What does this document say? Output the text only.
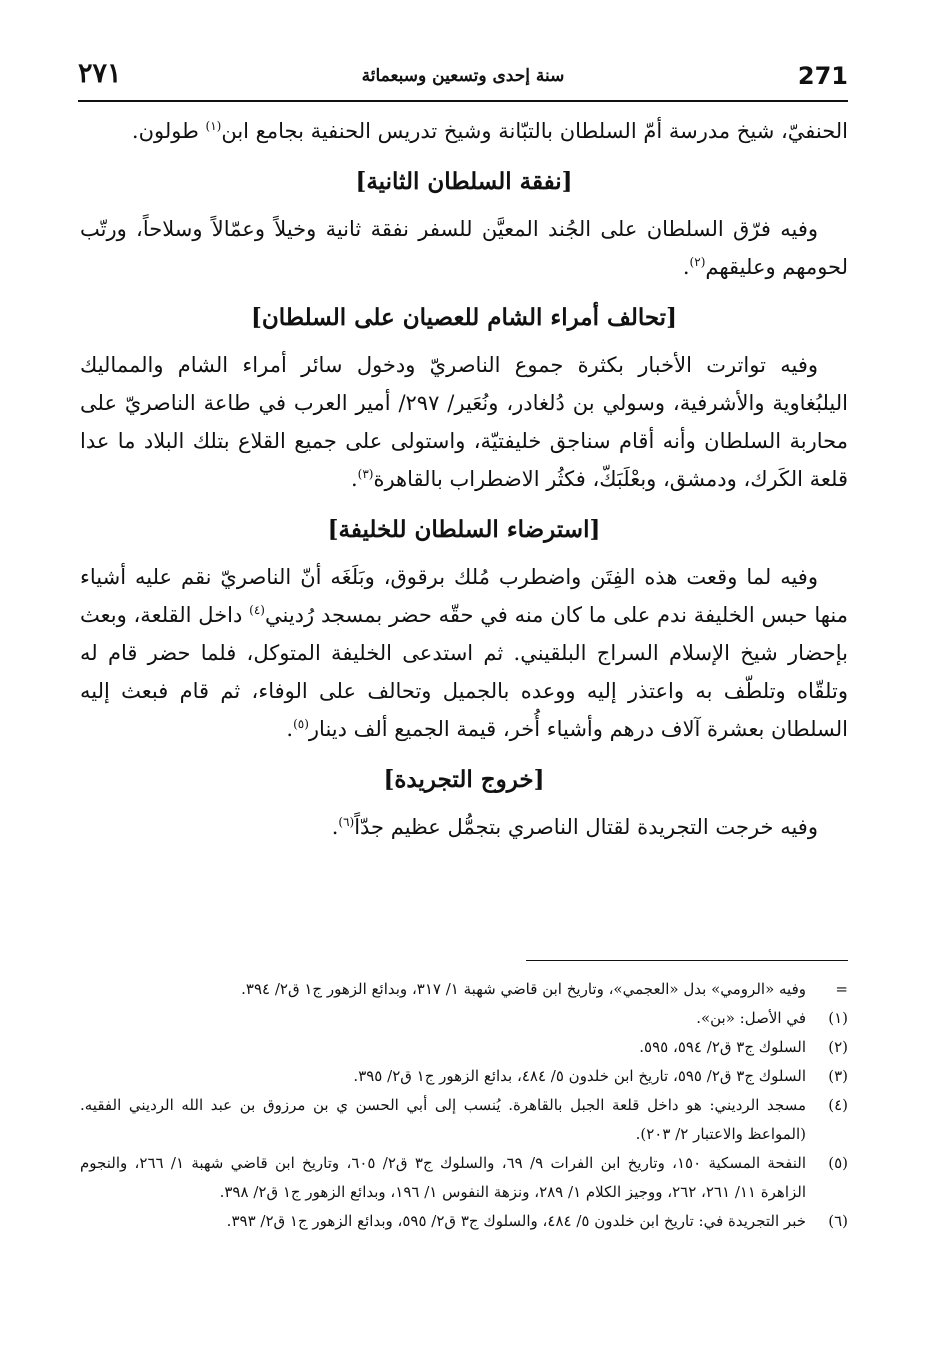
271
سنة إحدى وتسعين وسبعمائة
٢٧١

الحنفيّ، شيخ مدرسة أمّ السلطان بالتبّانة وشيخ تدريس الحنفية بجامع ابن$^{(١)}$ طولون.

[نفقة السلطان الثانية]

وفيه فرّق السلطان على الجُند المعيَّن للسفر نفقة ثانية وخيلاً وعمّالاً وسلاحاً، ورتّب لحومهم وعليقهم$^{(٢)}$.

[تحالف أمراء الشام للعصيان على السلطان]

وفيه تواترت الأخبار بكثرة جموع الناصريّ ودخول سائر أمراء الشام والمماليك اليلبُغاوية والأشرفية، وسولي بن دُلغادر، ونُعَير/ ٢٩٧/ أمير العرب في طاعة الناصريّ على محاربة السلطان وأنه أقام سناجق خليفتيّة، واستولى على جميع القلاع بتلك البلاد ما عدا قلعة الكَرك، ودمشق، وبعْلَبَكّ، فكثُر الاضطراب بالقاهرة$^{(٣)}$.

[استرضاء السلطان للخليفة]

وفيه لما وقعت هذه الفِتَن واضطرب مُلك برقوق، وبَلَغَه أنّ الناصريّ نقم عليه أشياء منها حبس الخليفة ندم على ما كان منه في حقّه حضر بمسجد رُديني$^{(٤)}$ داخل القلعة، وبعث بإحضار شيخ الإسلام السراج البلقيني. ثم استدعى الخليفة المتوكل، فلما حضر قام له وتلقّاه وتلطّف به واعتذر إليه ووعده بالجميل وتحالف على الوفاء، ثم قام فبعث إليه السلطان بعشرة آلاف درهم وأشياء أُخر، قيمة الجميع ألف دينار$^{(٥)}$.

[خروج التجريدة]

وفيه خرجت التجريدة لقتال الناصري بتجمُّل عظيم جدّاً$^{(٦)}$.

=
وفيه «الرومي» بدل «العجمي»، وتاريخ ابن قاضي شهبة ١/ ٣١٧، وبدائع الزهور ج١ ق٢/ ٣٩٤.
(١)
في الأصل: «بن».
(٢)
السلوك ج٣ ق٢/ ٥٩٤، ٥٩٥.
(٣)
السلوك ج٣ ق٢/ ٥٩٥، تاريخ ابن خلدون ٥/ ٤٨٤، بدائع الزهور ج١ ق٢/ ٣٩٥.
(٤)
مسجد الرديني: هو داخل قلعة الجبل بالقاهرة. يُنسب إلى أبي الحسن ي بن مرزوق بن عبد الله الرديني الفقيه. (المواعظ والاعتبار ٢/ ٢٠٣).
(٥)
النفحة المسكية ١٥٠، وتاريخ ابن الفرات ٩/ ٦٩، والسلوك ج٣ ق٢/ ٦٠٥، وتاريخ ابن قاضي شهبة ١/ ٢٦٦، والنجوم الزاهرة ١١/ ٢٦١، ٢٦٢، ووجيز الكلام ١/ ٢٨٩، ونزهة النفوس ١/ ١٩٦، وبدائع الزهور ج١ ق٢/ ٣٩٨.
(٦)
خبر التجريدة في: تاريخ ابن خلدون ٥/ ٤٨٤، والسلوك ج٣ ق٢/ ٥٩٥، وبدائع الزهور ج١ ق٢/ ٣٩٣.
